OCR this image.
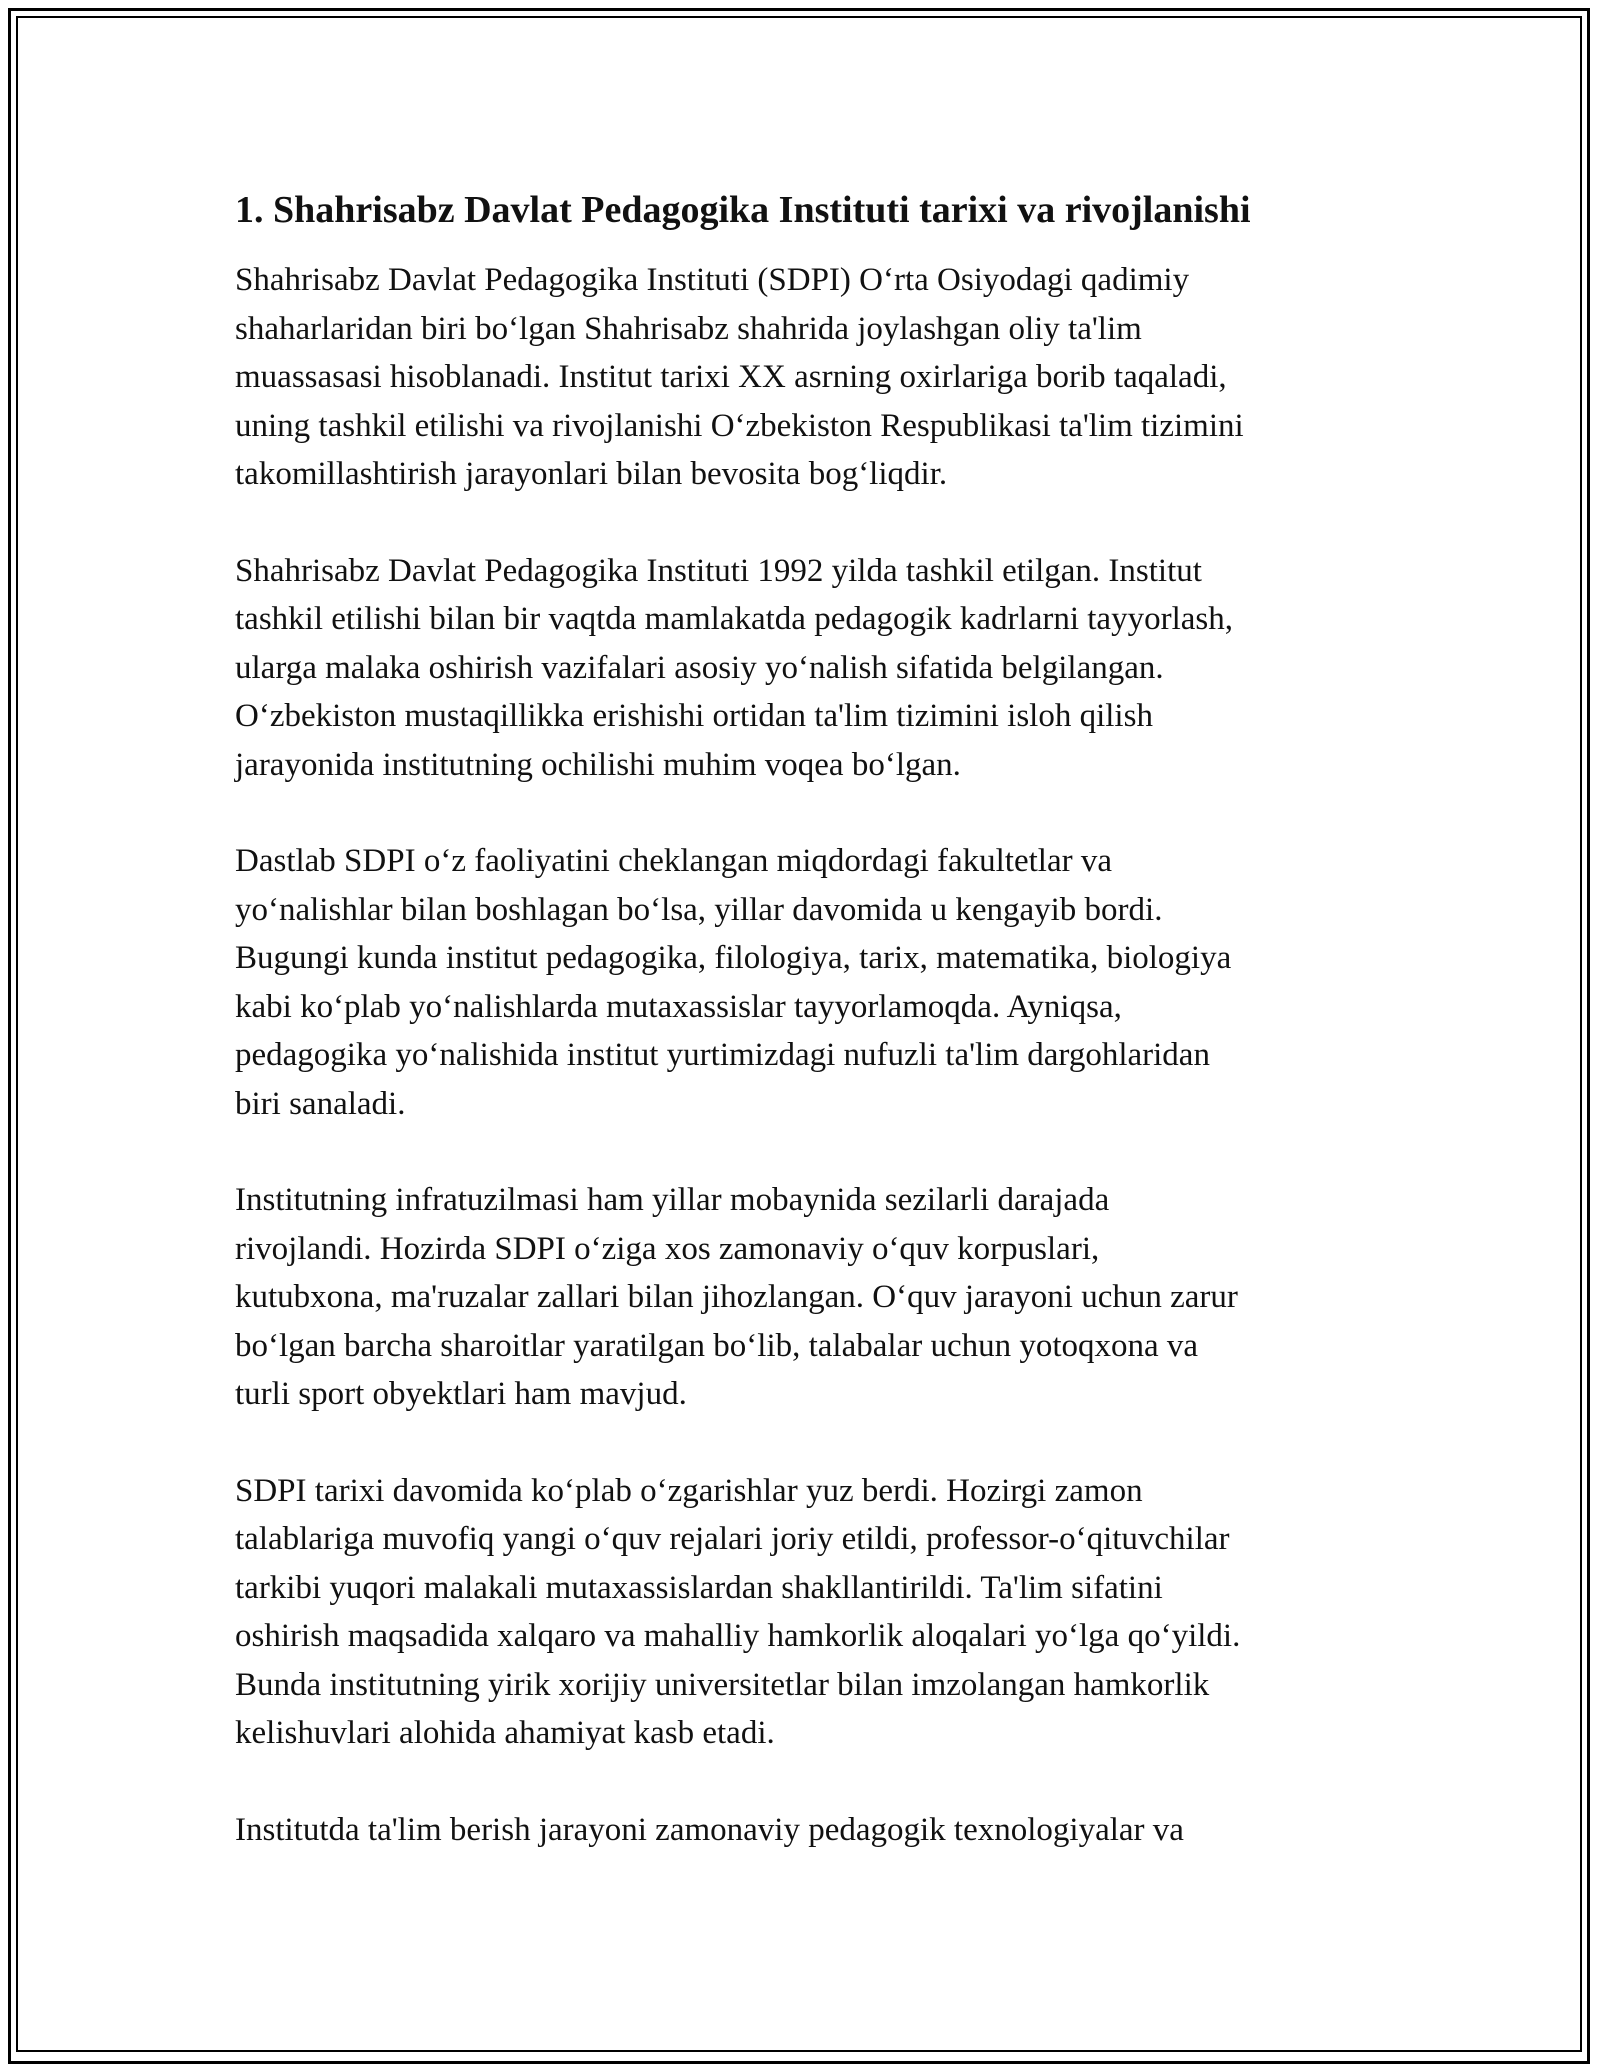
1. Shahrisabz Davlat Pedagogika Instituti tarixi va rivojlanishi

Shahrisabz Davlat Pedagogika Instituti (SDPI) O‘rta Osiyodagi qadimiy
shaharlaridan biri bo‘lgan Shahrisabz shahrida joylashgan oliy ta'lim
muassasasi hisoblanadi. Institut tarixi XX asrning oxirlariga borib taqaladi,
uning tashkil etilishi va rivojlanishi O‘zbekiston Respublikasi ta'lim tizimini
takomillashtirish jarayonlari bilan bevosita bog‘liqdir.

Shahrisabz Davlat Pedagogika Instituti 1992 yilda tashkil etilgan. Institut
tashkil etilishi bilan bir vaqtda mamlakatda pedagogik kadrlarni tayyorlash,
ularga malaka oshirish vazifalari asosiy yo‘nalish sifatida belgilangan.
O‘zbekiston mustaqillikka erishishi ortidan ta'lim tizimini isloh qilish
jarayonida institutning ochilishi muhim voqea bo‘lgan.

Dastlab SDPI o‘z faoliyatini cheklangan miqdordagi fakultetlar va
yo‘nalishlar bilan boshlagan bo‘lsa, yillar davomida u kengayib bordi.
Bugungi kunda institut pedagogika, filologiya, tarix, matematika, biologiya
kabi ko‘plab yo‘nalishlarda mutaxassislar tayyorlamoqda. Ayniqsa,
pedagogika yo‘nalishida institut yurtimizdagi nufuzli ta'lim dargohlaridan
biri sanaladi.

Institutning infratuzilmasi ham yillar mobaynida sezilarli darajada
rivojlandi. Hozirda SDPI o‘ziga xos zamonaviy o‘quv korpuslari,
kutubxona, ma'ruzalar zallari bilan jihozlangan. O‘quv jarayoni uchun zarur
bo‘lgan barcha sharoitlar yaratilgan bo‘lib, talabalar uchun yotoqxona va
turli sport obyektlari ham mavjud.

SDPI tarixi davomida ko‘plab o‘zgarishlar yuz berdi. Hozirgi zamon
talablariga muvofiq yangi o‘quv rejalari joriy etildi, professor-o‘qituvchilar
tarkibi yuqori malakali mutaxassislardan shakllantirildi. Ta'lim sifatini
oshirish maqsadida xalqaro va mahalliy hamkorlik aloqalari yo‘lga qo‘yildi.
Bunda institutning yirik xorijiy universitetlar bilan imzolangan hamkorlik
kelishuvlari alohida ahamiyat kasb etadi.

Institutda ta'lim berish jarayoni zamonaviy pedagogik texnologiyalar va
